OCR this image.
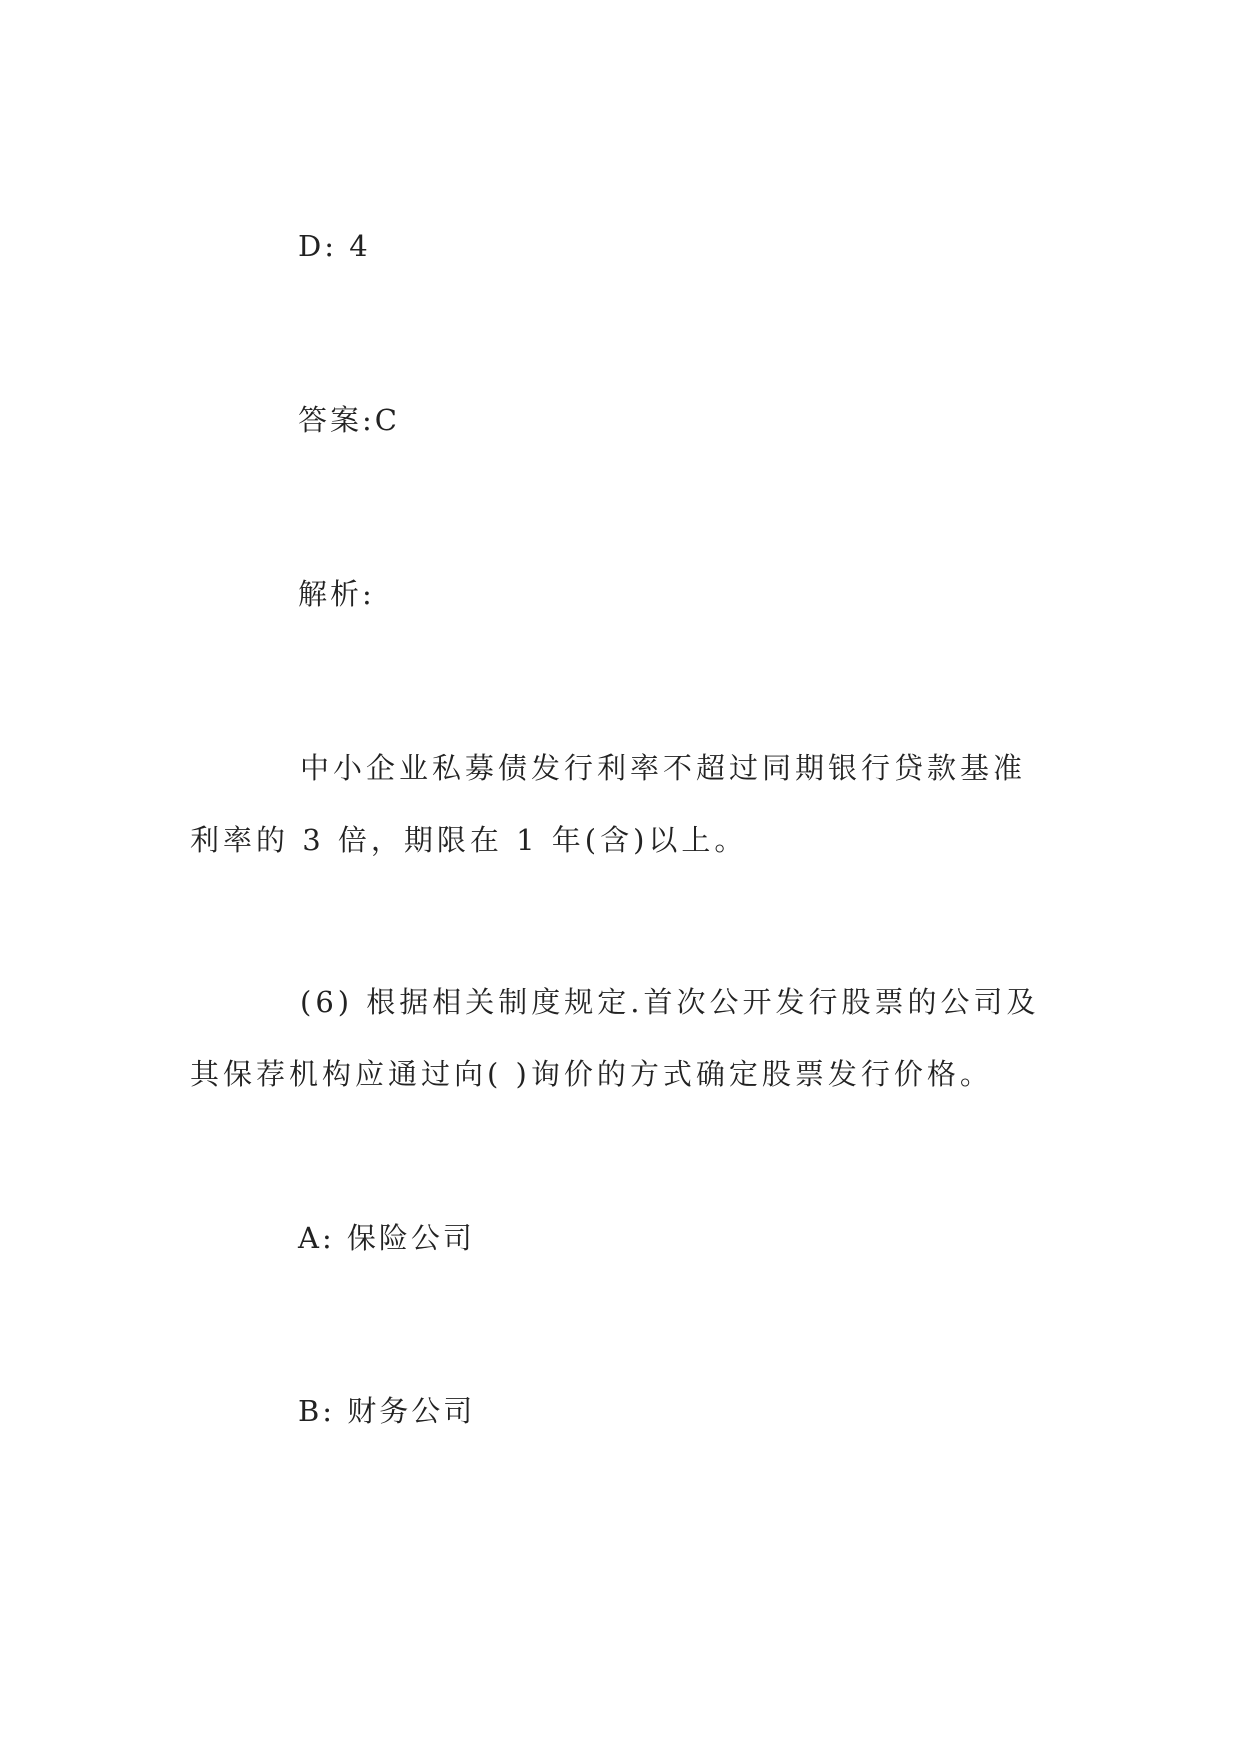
D: 4

答案:C

解析:

中小企业私募债发行利率不超过同期银行贷款基准利率的 3 倍，期限在 1 年(含)以上。

(6) 根据相关制度规定.首次公开发行股票的公司及其保荐机构应通过向( )询价的方式确定股票发行价格。

A: 保险公司

B: 财务公司
